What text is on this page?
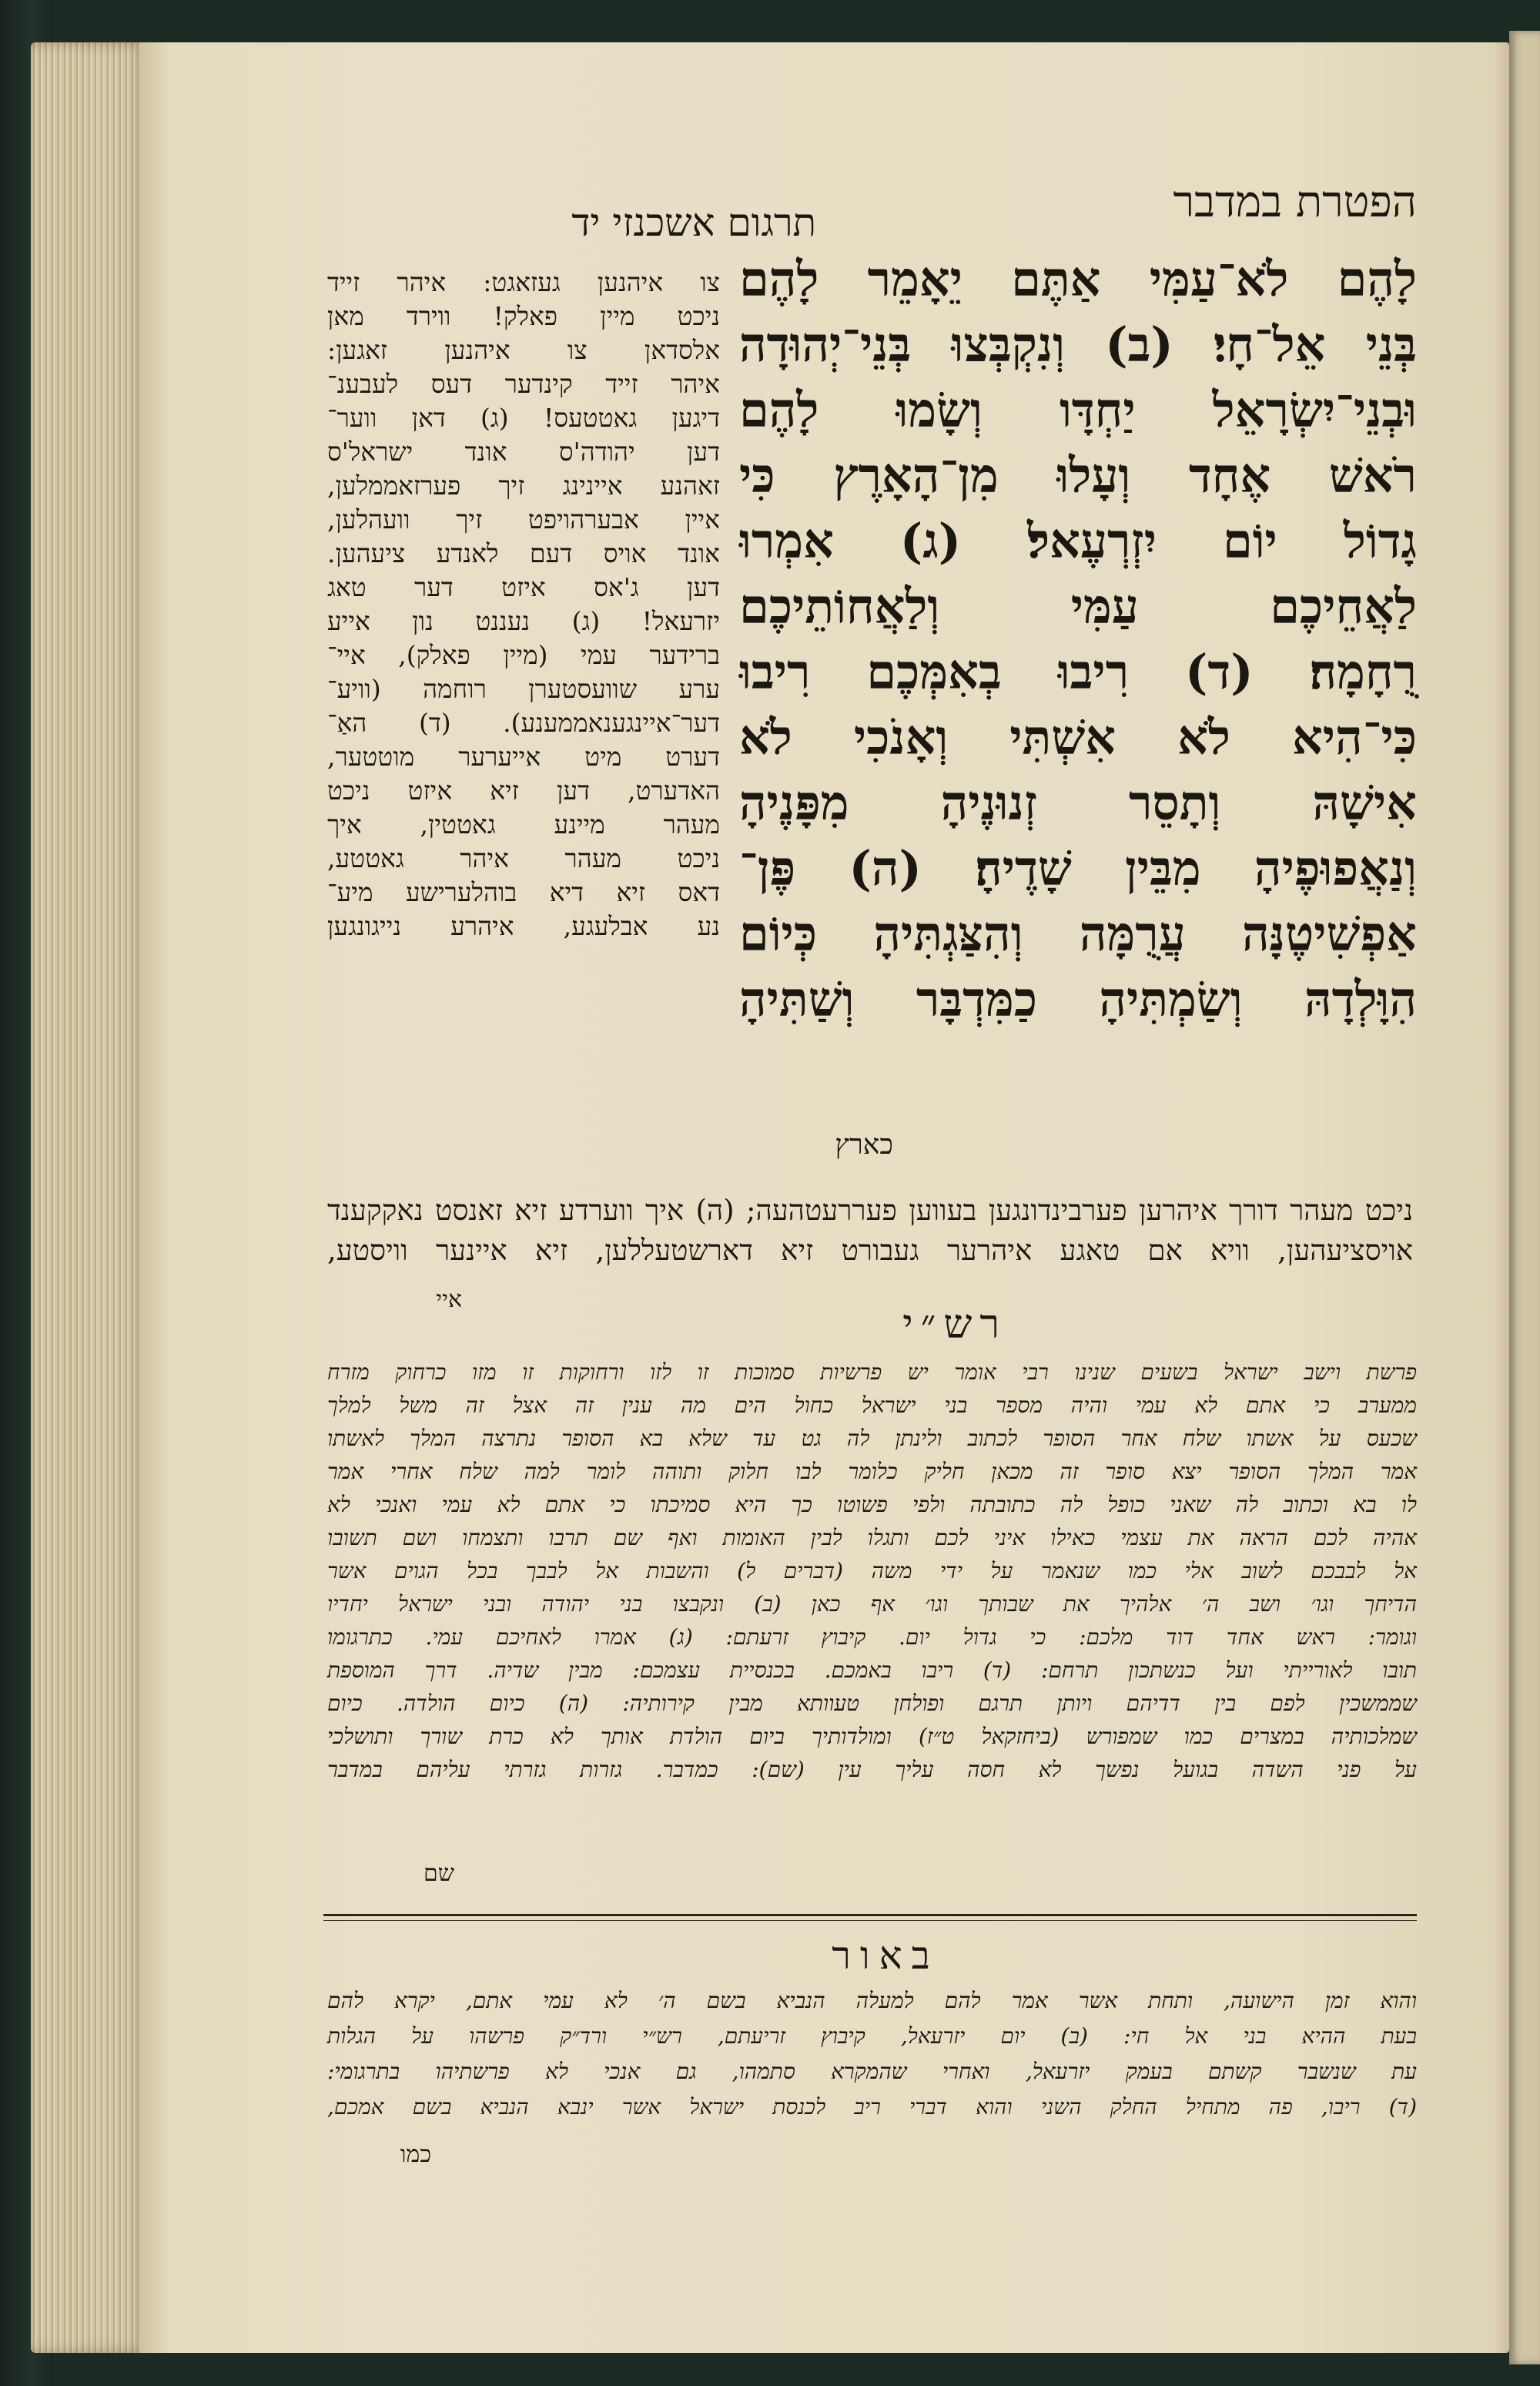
הפטרת במדבר
תרגום אשכנזי יד
לָהֶם לֹא־עַמִּי אַתֶּם יֵאָמֵר לָהֶם
בְּנֵי אֵל־חָי׃ (ב) וְנִקְבְּצוּ בְּנֵי־יְהוּדָה
וּבְנֵי־יִשְׂרָאֵל יַחְדָּו וְשָׂמוּ לָהֶם
רֹאשׁ אֶחָד וְעָלוּ מִן־הָאָרֶץ כִּי
גָדוֹל יוֹם יִזְרְעֶאל׃ (ג) אִמְרוּ
לַאֲחֵיכֶם עַמִּי וְלַאֲחוֹתֵיכֶם
רֻחָמָה׃ (ד) רִיבוּ בְאִמְּכֶם רִיבוּ
כִּי־הִיא לֹא אִשְׁתִּי וְאָנֹכִי לֹא
אִישָׁהּ וְתָסֵר זְנוּנֶיהָ מִפָּנֶיהָ
וְנַאֲפוּפֶיהָ מִבֵּין שָׁדֶיהָ׃ (ה) פֶּן־
אַפְשִׁיטֶנָּה עֲרֻמָּה וְהִצַּגְתִּיהָ כְּיוֹם
הִוָּלְדָהּ וְשַׂמְתִּיהָ כַמִּדְבָּר וְשַׁתִּיהָ
כארץ
צו איהנען געזאגט: איהר זייד
ניכט מיין פאלק! ווירד מאן
אלסדאן צו איהנען זאגען:
איהר זייד קינדער דעס לעבענ־
דיגען גאטטעס! (ג) דאן ווער־
דען יהודה'ס אונד ישראל'ס
זאהנע איינינג זיך פערזאממלען,
איין אבערהויפט זיך וועהלען,
אונד אויס דעם לאנדע ציעהען.
דען ג'אס איזט דער טאג
יזרעאל! (ג) נעננט נון אייע
ברידער עמי (מיין פאלק), איי־
ערע שוועסטערן רוחמה (וויע־
דער־איינגענאממענע). (ד) האַ־
דערט מיט אייערער מוטטער,
האדערט, דען זיא איזט ניכט
מעהר מיינע גאטטין, איך
ניכט מעהר איהר גאטטע,
דאס זיא דיא בוהלערישע מיע־
נע אבלעגע, איהרע נייגונגען
ניכט מעהר דורך איהרען פערבינדונגען בעווען פעררעטהעה; (ה) איך ווערדע זיא זאנסט נאקקענד
אויסציעהען, וויא אם טאגע איהרער געבורט זיא דארשטעללען, זיא איינער וויסטע,
איי
רש״י
פרשת וישב ישראל בשעים שנינו רבי אומר יש פרשיות סמוכות זו לזו ורחוקות זו מזו כרחוק מזרח
ממערב כי אתם לא עמי והיה מספר בני ישראל כחול הים מה ענין זה אצל זה משל למלך
שכעס על אשתו שלח אחר הסופר לכתוב ולינתן לה גט עד שלא בא הסופר נתרצה המלך לאשתו
אמר המלך הסופר יצא סופר זה מכאן חליק כלומר לבו חלוק ותוהה לומר למה שלח אחרי אמר
לו בא וכתוב לה שאני כופל לה כתובתה ולפי פשוטו כך היא סמיכתו כי אתם לא עמי ואנכי לא
אהיה לכם הראה את עצמי כאילו איני לכם ותגלו לבין האומות ואף שם תרבו ותצמחו ושם תשובו
אל לבבכם לשוב אלי כמו שנאמר על ידי משה (דברים ל) והשבות אל לבבך בכל הגוים אשר
הדיחך וגו׳ ושב ה׳ אלהיך את שבותך וגו׳ אף כאן (ב) ונקבצו בני יהודה ובני ישראל יחדיו
וגומר: ראש אחד דוד מלכם: כי גדול יום. קיבוץ זרעתם: (ג) אמרו לאחיכם עמי. כתרגומו
תובו לאורייתי ועל כנשתכון תרחם: (ד) ריבו באמכם. בכנסיית עצמכם: מבין שדיה. דרך המוספת
שממשכין לפם בין דדיהם ויותן תרגם ופולחן טעוותא מבין קירותיה: (ה) כיום הולדה. כיום
שמלכותיה במצרים כמו שמפורש (ביחזקאל ט״ז) ומולדותיך ביום הולדת אותך לא כרת שורך ותושלכי
על פני השדה בגועל נפשך לא חסה עליך עין (שם): כמדבר. גזרות גזרתי עליהם במדבר
שם
באור
והוא זמן הישועה, ותחת אשר אמר להם למעלה הנביא בשם ה׳ לא עמי אתם, יקרא להם
בעת ההיא בני אל חי: (ב) יום יזרעאל, קיבוץ זריעתם, רש״י ורד״ק פרשהו על הגלות
עת שנשבר קשתם בעמק יזרעאל, ואחרי שהמקרא סתמהו, גם אנכי לא פרשתיהו בתרגומי:
(ד) ריבו, פה מתחיל החלק השני והוא דברי ריב לכנסת ישראל אשר ינבא הנביא בשם אמכם,
כמו
